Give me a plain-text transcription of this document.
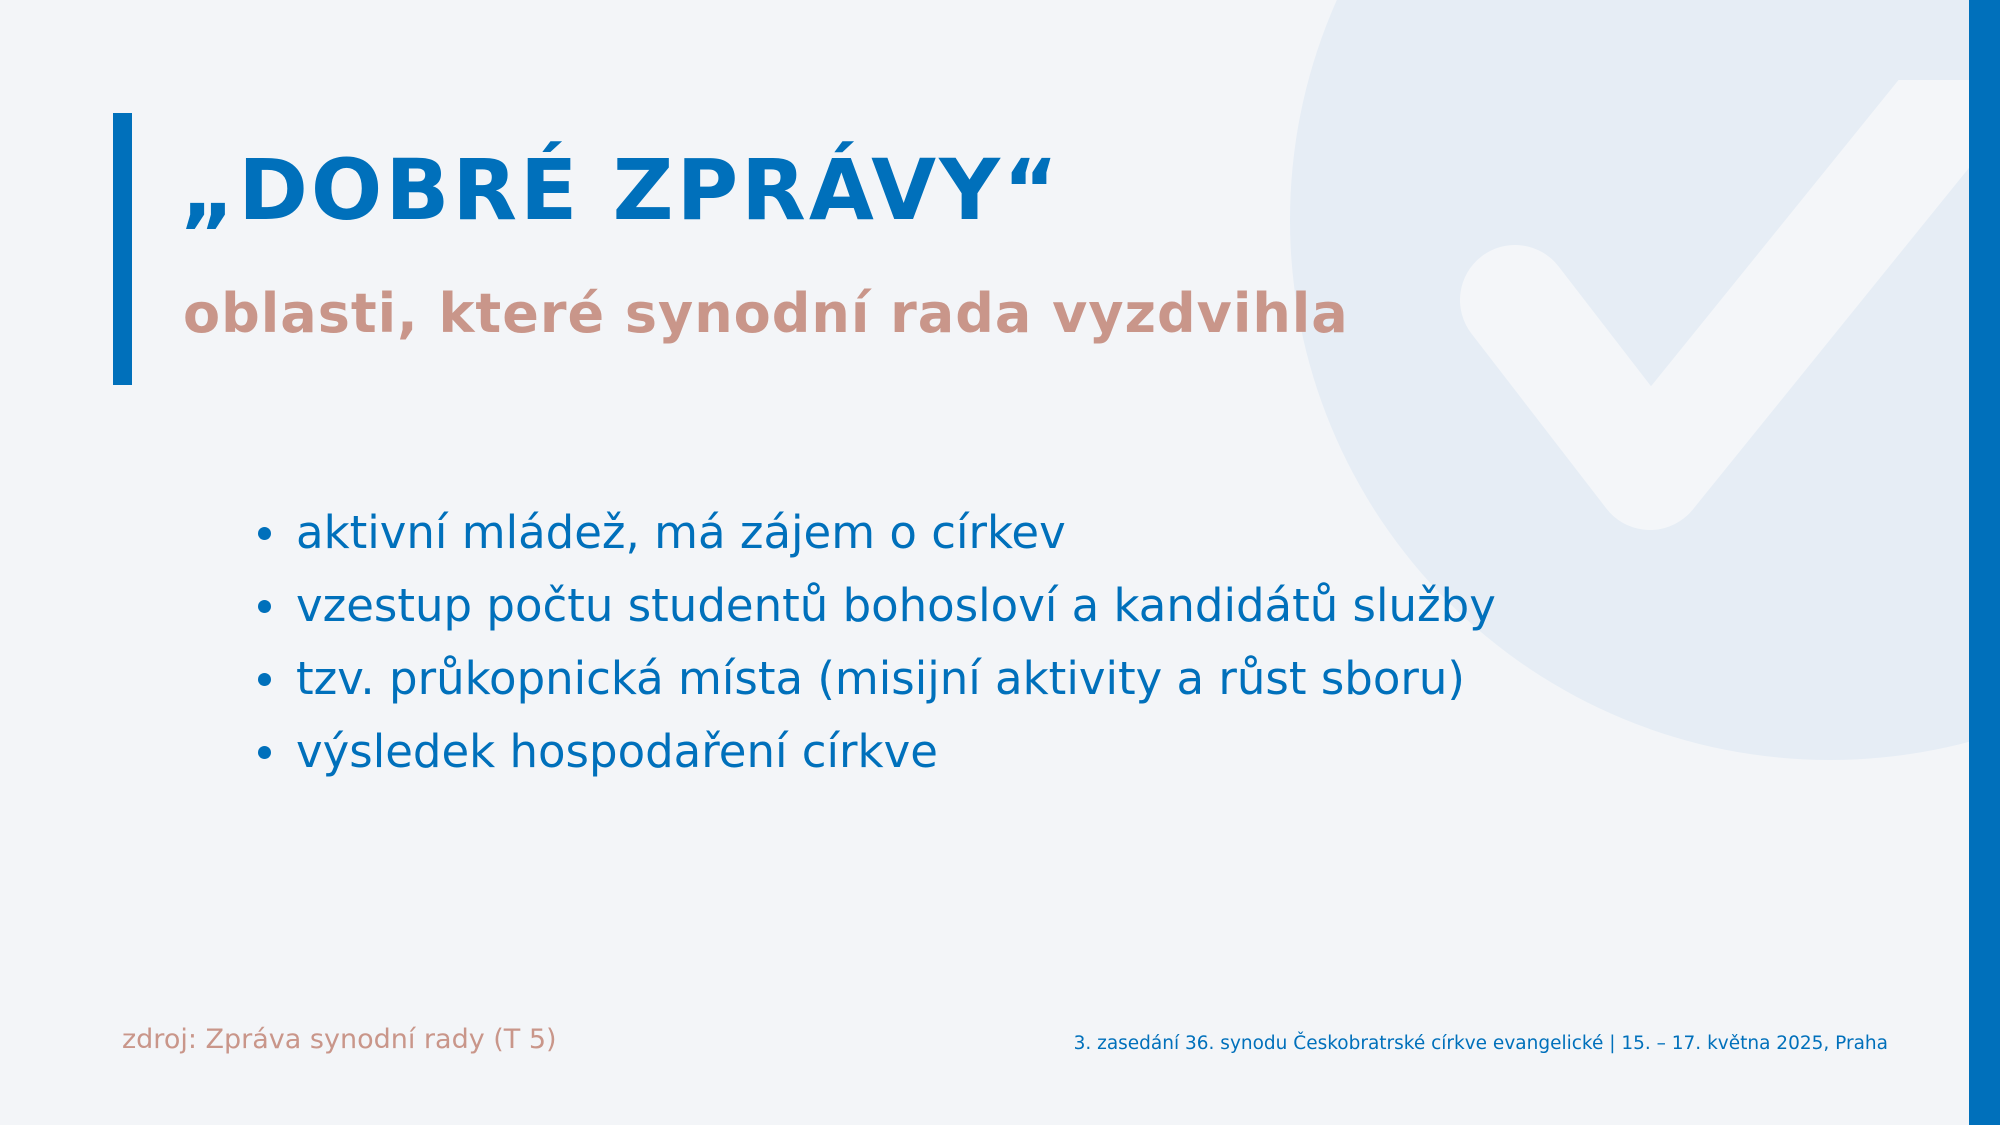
„DOBRÉ ZPRÁVY“
oblasti, které synodní rada vyzdvihla
aktivní mládež, má zájem o církev
vzestup počtu studentů bohosloví a kandidátů služby
tzv. průkopnická místa (misijní aktivity a růst sboru)
výsledek hospodaření církve
zdroj: Zpráva synodní rady (T 5)	3. zasedání 36. synodu Českobratrské církve evangelické | 15. – 17. května 2025, Praha
